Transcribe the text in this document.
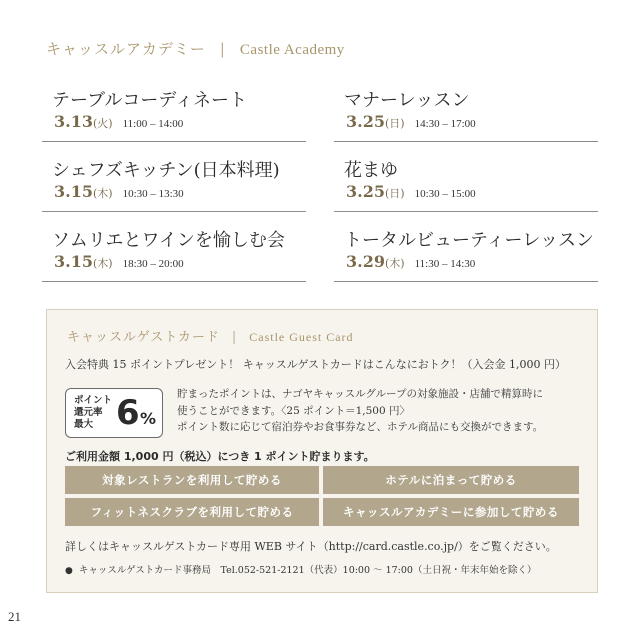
キャッスルアカデミー | Castle Academy
テーブルコーディネート
3.13(火) 11:00 – 14:00
マナーレッスン
3.25(日) 14:30 – 17:00
シェフズキッチン(日本料理)
3.15(木) 10:30 – 13:30
花まゆ
3.25(日) 10:30 – 15:00
ソムリエとワインを愉しむ会
3.15(木) 18:30 – 20:00
トータルビューティーレッスン
3.29(木) 11:30 – 14:30
キャッスルゲストカード | Castle Guest Card
入会特典 15 ポイントプレゼント！ キャッスルゲストカードはこんなにおトク！（入会金 1,000 円）
ポイント
還元率
最大 6 %
貯まったポイントは、ナゴヤキャッスルグループの対象施設・店舗で精算時に
使うことができます。〈25 ポイント＝1,500 円〉
ポイント数に応じて宿泊券やお食事券など、ホテル商品にも交換ができます。
ご利用金額 1,000 円（税込）につき 1 ポイント貯まります。
対象レストランを利用して貯める	ホテルに泊まって貯める
フィットネスクラブを利用して貯める	キャッスルアカデミーに参加して貯める
詳しくはキャッスルゲストカード専用 WEB サイト（http://card.castle.co.jp/）をご覧ください。
● キャッスルゲストカード事務局　Tel.052-521-2121（代表）10:00 〜 17:00（土日祝・年末年始を除く）
21
